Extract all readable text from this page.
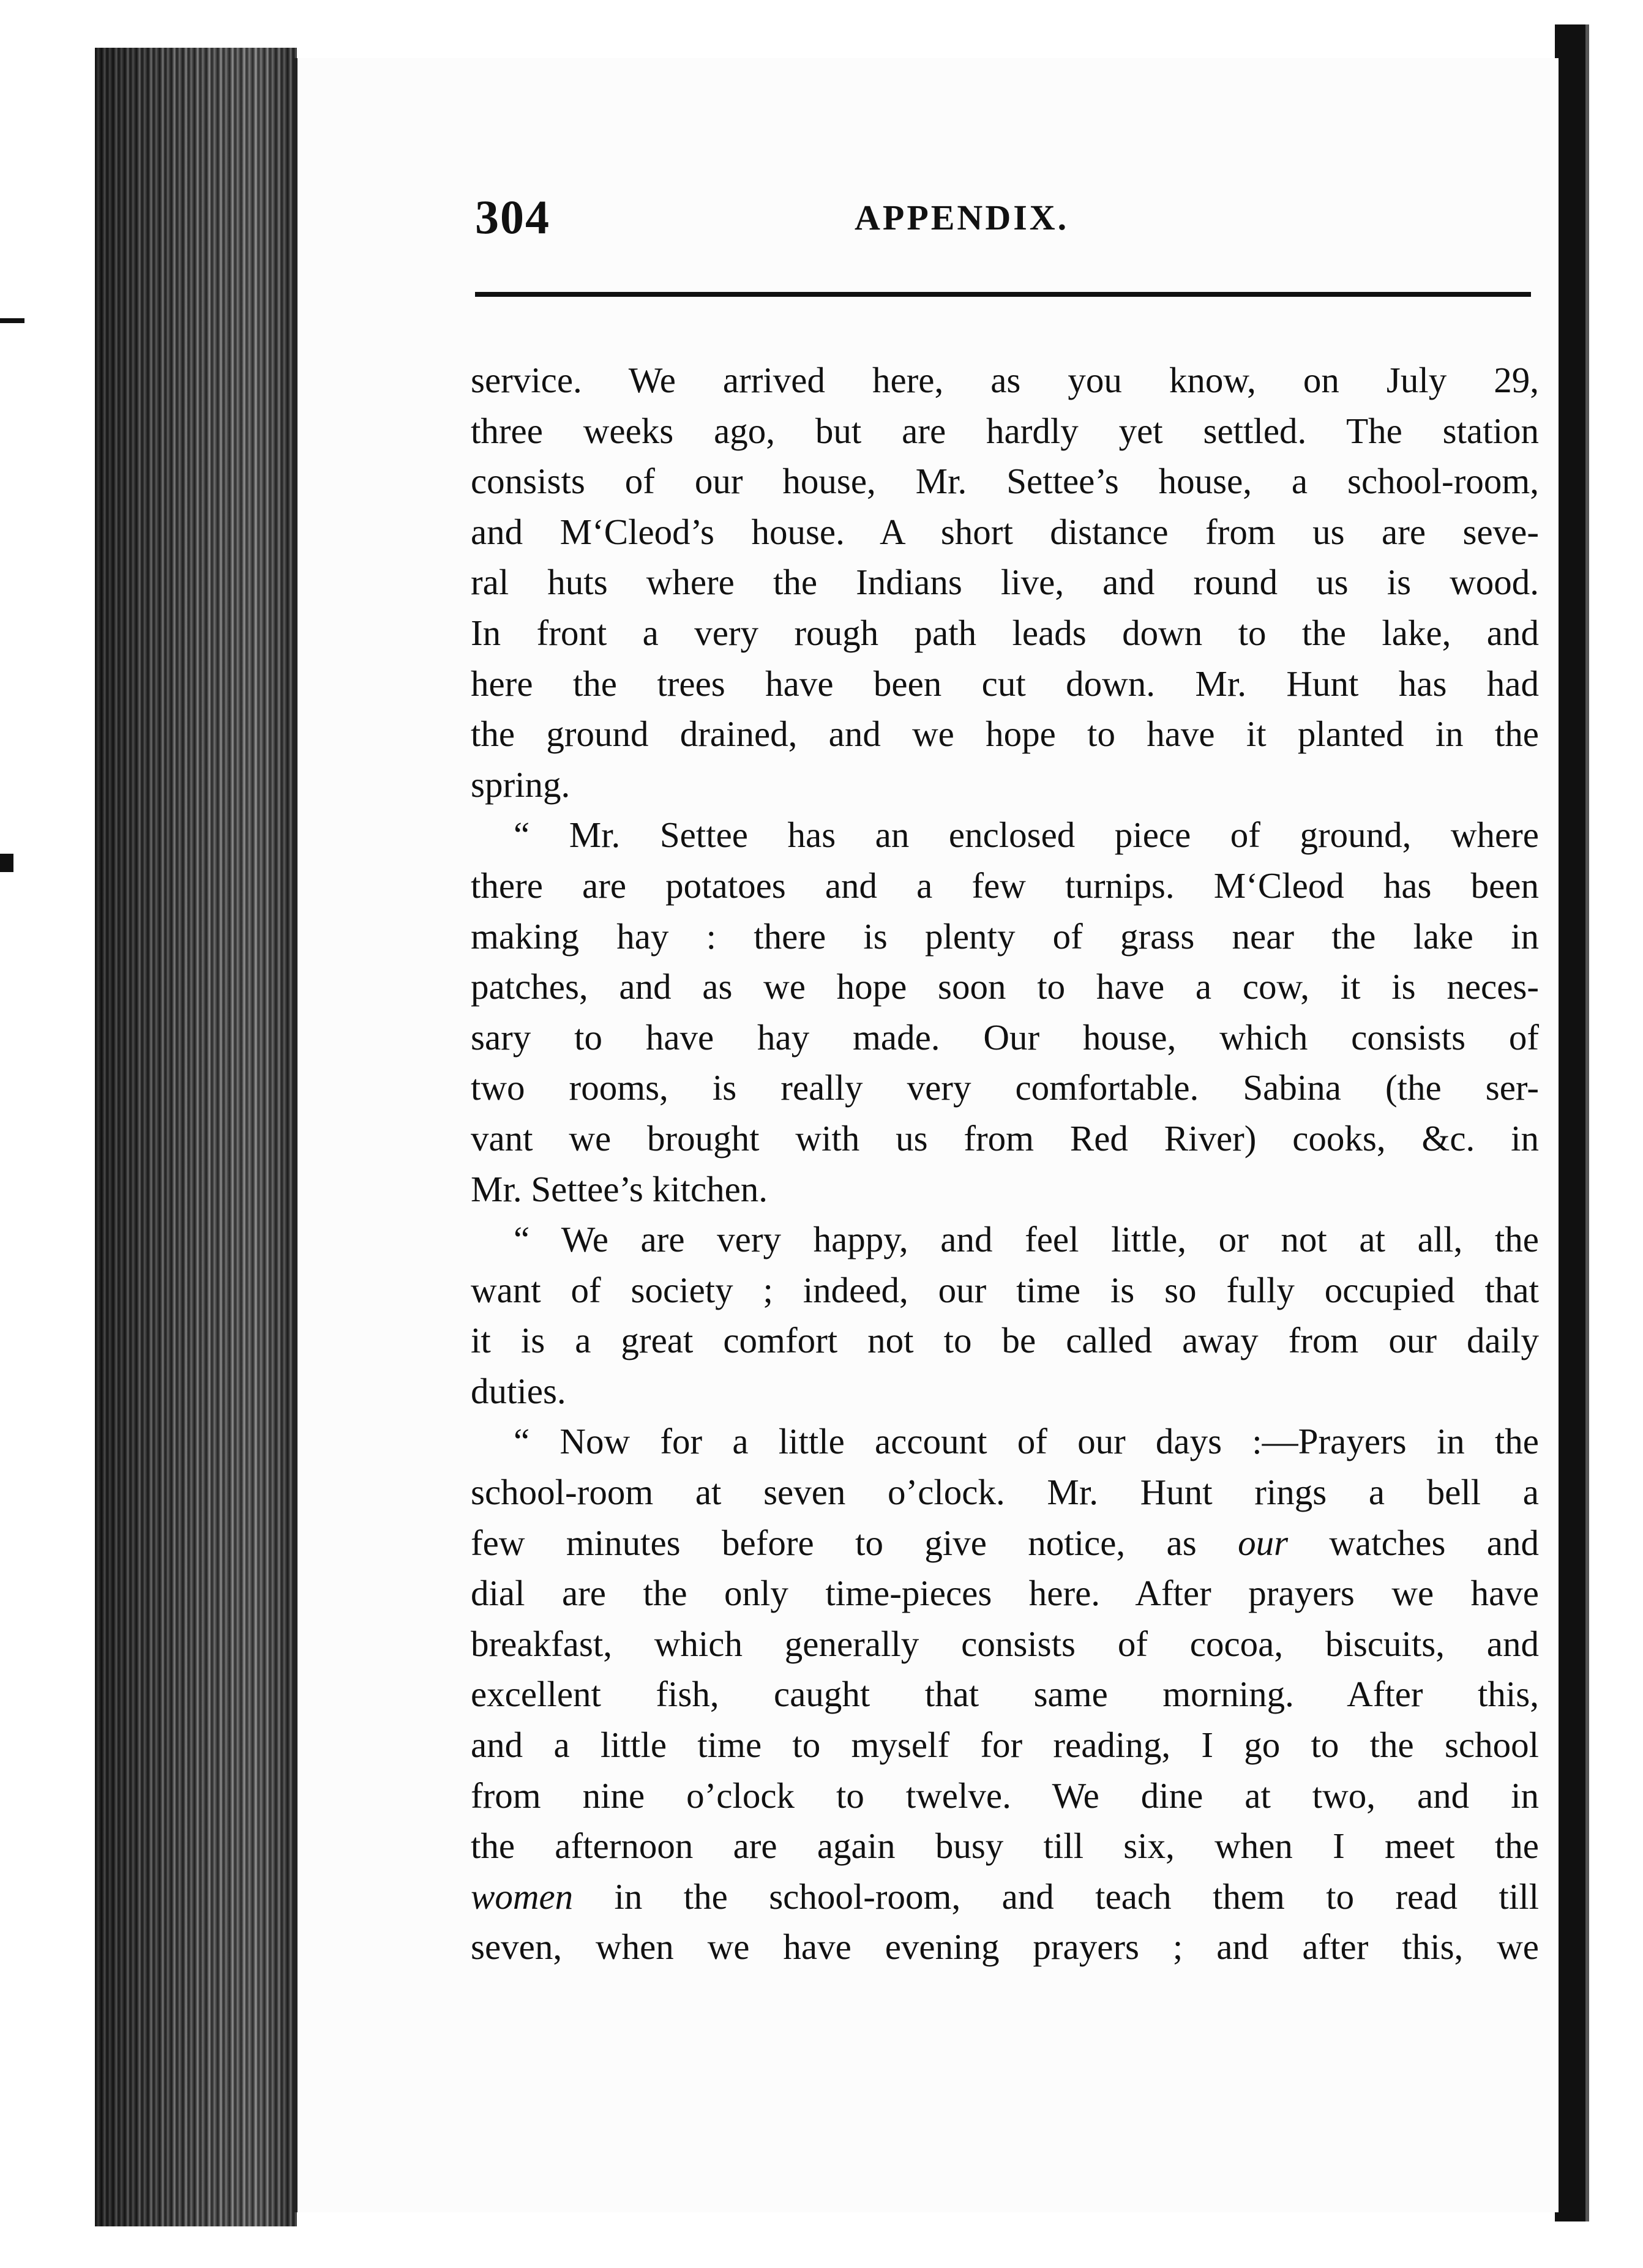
304	APPENDIX.
service. We arrived here, as you know, on July 29,
three weeks ago, but are hardly yet settled. The station
consists of our house, Mr. Settee’s house, a school-room,
and M‘Cleod’s house. A short distance from us are seve-
ral huts where the Indians live, and round us is wood.
In front a very rough path leads down to the lake, and
here the trees have been cut down. Mr. Hunt has had
the ground drained, and we hope to have it planted in the
spring.
“ Mr. Settee has an enclosed piece of ground, where
there are potatoes and a few turnips. M‘Cleod has been
making hay : there is plenty of grass near the lake in
patches, and as we hope soon to have a cow, it is neces-
sary to have hay made. Our house, which consists of
two rooms, is really very comfortable. Sabina (the ser-
vant we brought with us from Red River) cooks, &c. in
Mr. Settee’s kitchen.
“ We are very happy, and feel little, or not at all, the
want of society ; indeed, our time is so fully occupied that
it is a great comfort not to be called away from our daily
duties.
“ Now for a little account of our days :—Prayers in the
school-room at seven o’clock. Mr. Hunt rings a bell a
few minutes before to give notice, as our watches and
dial are the only time-pieces here. After prayers we have
breakfast, which generally consists of cocoa, biscuits, and
excellent fish, caught that same morning. After this,
and a little time to myself for reading, I go to the school
from nine o’clock to twelve. We dine at two, and in
the afternoon are again busy till six, when I meet the
women in the school-room, and teach them to read till
seven, when we have evening prayers ; and after this, we
